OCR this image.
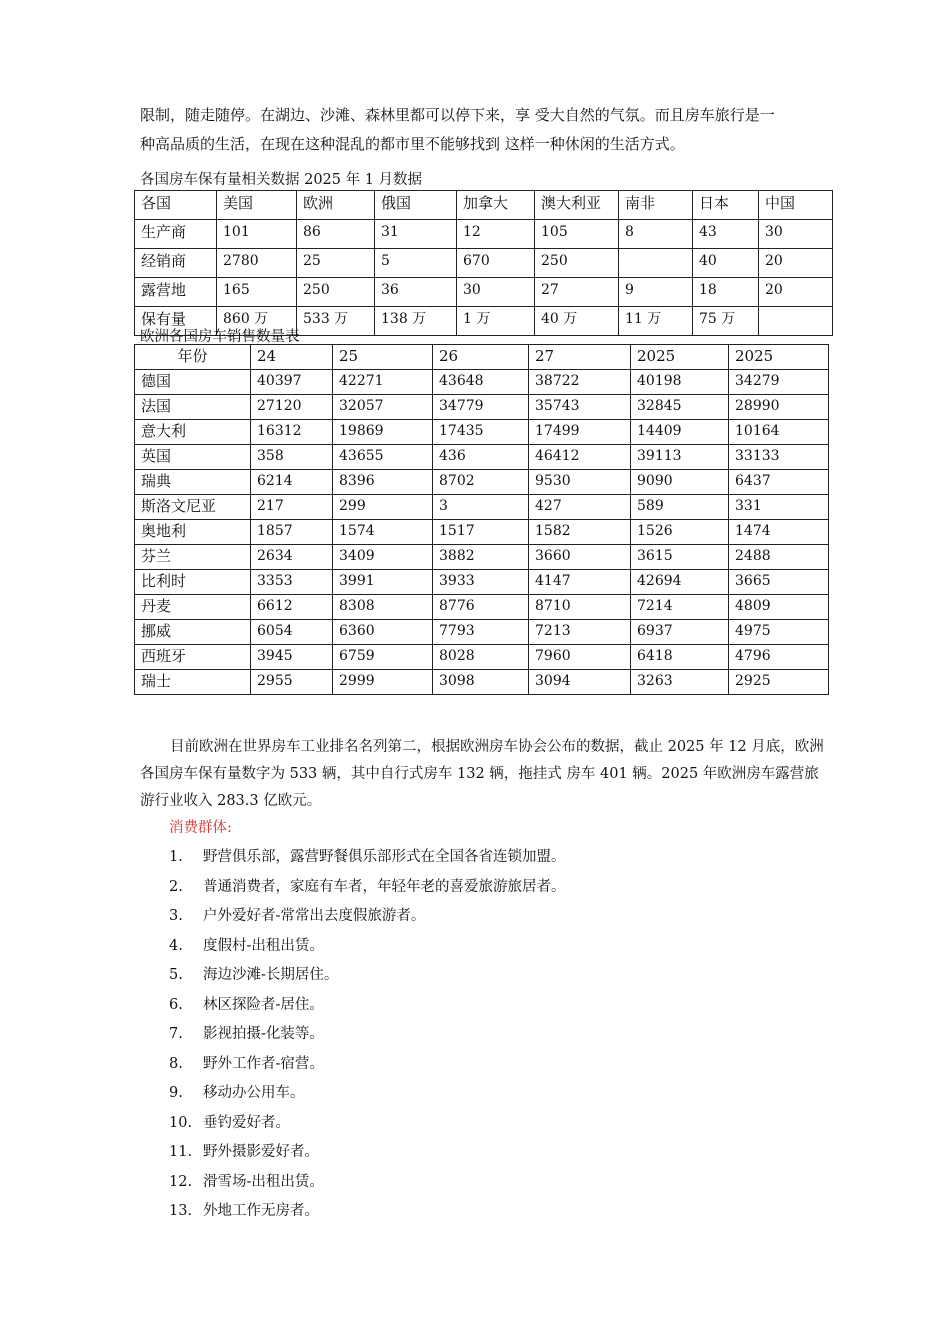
限制，随走随停。在湖边、沙滩、森林里都可以停下来，享 受大自然的气氛。而且房车旅行是一

种高品质的生活，在现在这种混乱的都市里不能够找到 这样一种休闲的生活方式。

各国房车保有量相关数据 2025 年 1 月数据
各国	美国	欧洲	俄国	加拿大	澳大利亚	南非	日本	中国
生产商	101	86	31	12	105	8	43	30
经销商	2780	25	5	670	250		40	20
露营地	165	250	36	30	27	9	18	20
保有量	860 万	533 万	138 万	1 万	40 万	11 万	75 万	
欧洲各国房车销售数量表
年份	24	25	26	27	2025	2025
德国	40397	42271	43648	38722	40198	34279
法国	27120	32057	34779	35743	32845	28990
意大利	16312	19869	17435	17499	14409	10164
英国	358	43655	436	46412	39113	33133
瑞典	6214	8396	8702	9530	9090	6437
斯洛文尼亚	217	299	3	427	589	331
奥地利	1857	1574	1517	1582	1526	1474
芬兰	2634	3409	3882	3660	3615	2488
比利时	3353	3991	3933	4147	42694	3665
丹麦	6612	8308	8776	8710	7214	4809
挪威	6054	6360	7793	7213	6937	4975
西班牙	3945	6759	8028	7960	6418	4796
瑞士	2955	2999	3098	3094	3263	2925
目前欧洲在世界房车工业排名名列第二，根据欧洲房车协会公布的数据，截止 2025 年 12 月底，欧洲各国房车保有量数字为 533 辆，其中自行式房车 132 辆，拖挂式 房车 401 辆。2025 年欧洲房车露营旅游行业收入 283.3 亿欧元。
消费群体:
1. 野营俱乐部，露营野餐俱乐部形式在全国各省连锁加盟。
2. 普通消费者，家庭有车者，年轻年老的喜爱旅游旅居者。
3. 户外爱好者-常常出去度假旅游者。
4. 度假村-出租出赁。
5. 海边沙滩-长期居住。
6. 林区探险者-居住。
7. 影视拍摄-化装等。
8. 野外工作者-宿营。
9. 移动办公用车。
10. 垂钓爱好者。
11. 野外摄影爱好者。
12. 滑雪场-出租出赁。
13. 外地工作无房者。
